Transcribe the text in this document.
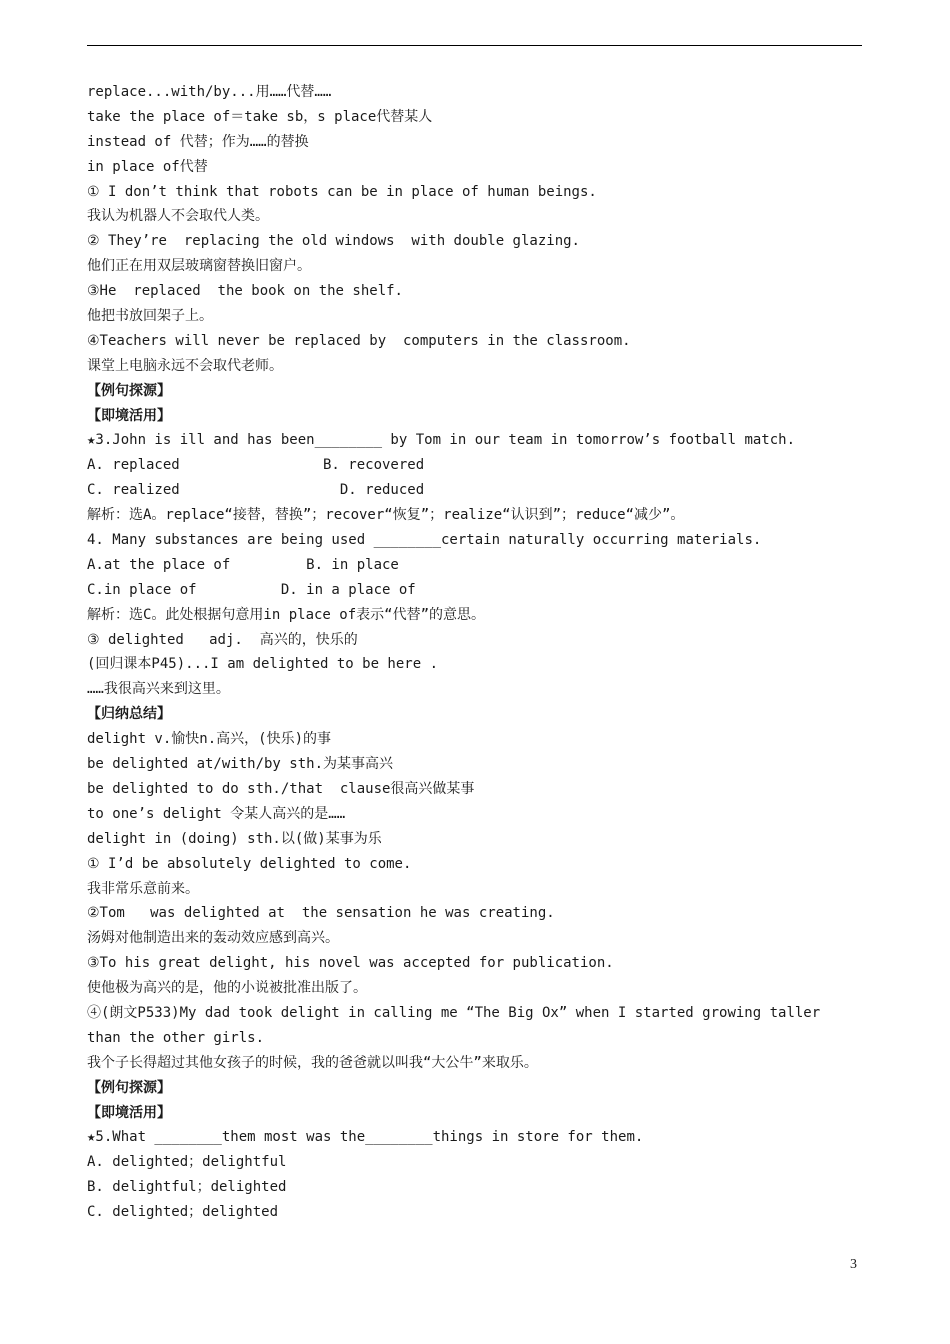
replace...with/by...用……代替……
take the place of＝take sb，s place代替某人
instead of 代替；作为……的替换
in place of代替
① I don’t think that robots can be in place of human beings.
我认为机器人不会取代人类。
② They’re  replacing the old windows  with double glazing.
他们正在用双层玻璃窗替换旧窗户。
③He  replaced  the book on the shelf.
他把书放回架子上。
④Teachers will never be replaced by  computers in the classroom.
课堂上电脑永远不会取代老师。
【例句探源】
【即境活用】
★3.John is ill and has been________ by Tom in our team in tomorrow’s football match.
A. replaced                 B. recovered
C. realized                   D. reduced
解析：选A。replace“接替，替换”；recover“恢复”；realize“认识到”；reduce“减少”。
4. Many substances are being used ________certain naturally occurring materials.
A.at the place of         B. in place
C.in place of          D. in a place of
解析：选C。此处根据句意用in place of表示“代替”的意思。
③ delighted   adj.  高兴的，快乐的
(回归课本P45)...I am delighted to be here .
……我很高兴来到这里。
【归纳总结】
delight v.愉快n.高兴，(快乐)的事
be delighted at/with/by sth.为某事高兴
be delighted to do sth./that  clause很高兴做某事
to one’s delight 令某人高兴的是……
delight in (doing) sth.以(做)某事为乐
① I’d be absolutely delighted to come.
我非常乐意前来。
②Tom   was delighted at  the sensation he was creating.
汤姆对他制造出来的轰动效应感到高兴。
③To his great delight, his novel was accepted for publication.
使他极为高兴的是，他的小说被批准出版了。
④(朗文P533)My dad took delight in calling me “The Big Ox” when I started growing taller
than the other girls.
我个子长得超过其他女孩子的时候，我的爸爸就以叫我“大公牛”来取乐。
【例句探源】
【即境活用】
★5.What ________them most was the________things in store for them.
A. delighted；delightful
B. delightful；delighted
C. delighted；delighted
3
